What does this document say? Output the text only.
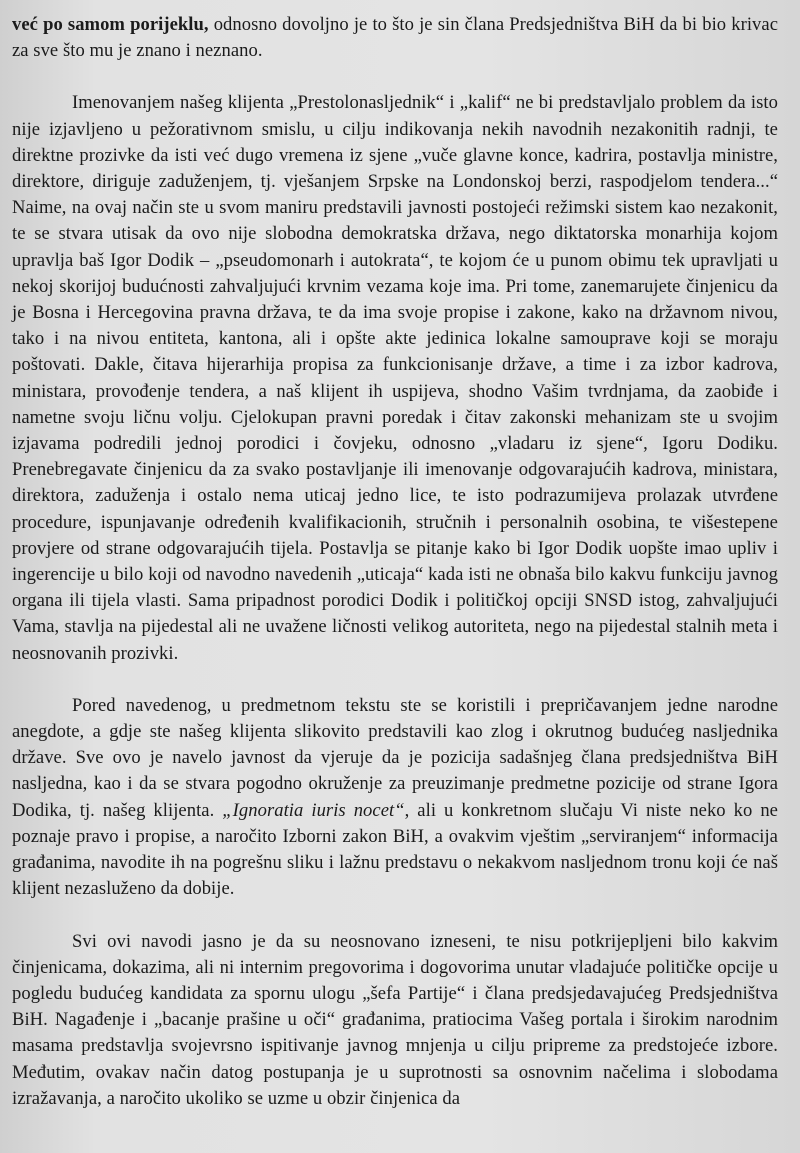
već po samom porijeklu, odnosno dovoljno je to što je sin člana Predsjedništva BiH da bi bio krivac za sve što mu je znano i neznano.

Imenovanjem našeg klijenta „Prestolonasljednik“ i „kalif“ ne bi predstavljalo problem da isto nije izjavljeno u pežorativnom smislu, u cilju indikovanja nekih navodnih nezakonitih radnji, te direktne prozivke da isti već dugo vremena iz sjene „vuče glavne konce, kadrira, postavlja ministre, direktore, diriguje zaduženjem, tj. vješanjem Srpske na Londonskoj berzi, raspodjelom tendera...“ Naime, na ovaj način ste u svom maniru predstavili javnosti postojeći režimski sistem kao nezakonit, te se stvara utisak da ovo nije slobodna demokratska država, nego diktatorska monarhija kojom upravlja baš Igor Dodik – „pseudomonarh i autokrata“, te kojom će u punom obimu tek upravljati u nekoj skorijoj budućnosti zahvaljujući krvnim vezama koje ima. Pri tome, zanemarujete činjenicu da je Bosna i Hercegovina pravna država, te da ima svoje propise i zakone, kako na državnom nivou, tako i na nivou entiteta, kantona, ali i opšte akte jedinica lokalne samouprave koji se moraju poštovati. Dakle, čitava hijerarhija propisa za funkcionisanje države, a time i za izbor kadrova, ministara, provođenje tendera, a naš klijent ih uspijeva, shodno Vašim tvrdnjama, da zaobiđe i nametne svoju ličnu volju. Cjelokupan pravni poredak i čitav zakonski mehanizam ste u svojim izjavama podredili jednoj porodici i čovjeku, odnosno „vladaru iz sjene“, Igoru Dodiku. Prenebregavate činjenicu da za svako postavljanje ili imenovanje odgovarajućih kadrova, ministara, direktora, zaduženja i ostalo nema uticaj jedno lice, te isto podrazumijeva prolazak utvrđene procedure, ispunjavanje određenih kvalifikacionih, stručnih i personalnih osobina, te višestepene provjere od strane odgovarajućih tijela. Postavlja se pitanje kako bi Igor Dodik uopšte imao upliv i ingerencije u bilo koji od navodno navedenih „uticaja“ kada isti ne obnaša bilo kakvu funkciju javnog organa ili tijela vlasti. Sama pripadnost porodici Dodik i političkoj opciji SNSD istog, zahvaljujući Vama, stavlja na pijedestal ali ne uvažene ličnosti velikog autoriteta, nego na pijedestal stalnih meta i neosnovanih prozivki.

Pored navedenog, u predmetnom tekstu ste se koristili i prepričavanjem jedne narodne anegdote, a gdje ste našeg klijenta slikovito predstavili kao zlog i okrutnog budućeg nasljednika države. Sve ovo je navelo javnost da vjeruje da je pozicija sadašnjeg člana predsjedništva BiH nasljedna, kao i da se stvara pogodno okruženje za preuzimanje predmetne pozicije od strane Igora Dodika, tj. našeg klijenta. „Ignoratia iuris nocet“, ali u konkretnom slučaju Vi niste neko ko ne poznaje pravo i propise, a naročito Izborni zakon BiH, a ovakvim vještim „serviranjem“ informacija građanima, navodite ih na pogrešnu sliku i lažnu predstavu o nekakvom nasljednom tronu koji će naš klijent nezasluženo da dobije.

Svi ovi navodi jasno je da su neosnovano izneseni, te nisu potkrijepljeni bilo kakvim činjenicama, dokazima, ali ni internim pregovorima i dogovorima unutar vladajuće političke opcije u pogledu budućeg kandidata za spornu ulogu „šefa Partije“ i člana predsjedavajućeg Predsjedništva BiH. Nagađenje i „bacanje prašine u oči“ građanima, pratiocima Vašeg portala i širokim narodnim masama predstavlja svojevrsno ispitivanje javnog mnjenja u cilju pripreme za predstojeće izbore. Međutim, ovakav način datog postupanja je u suprotnosti sa osnovnim načelima i slobodama izražavanja, a naročito ukoliko se uzme u obzir činjenica da
